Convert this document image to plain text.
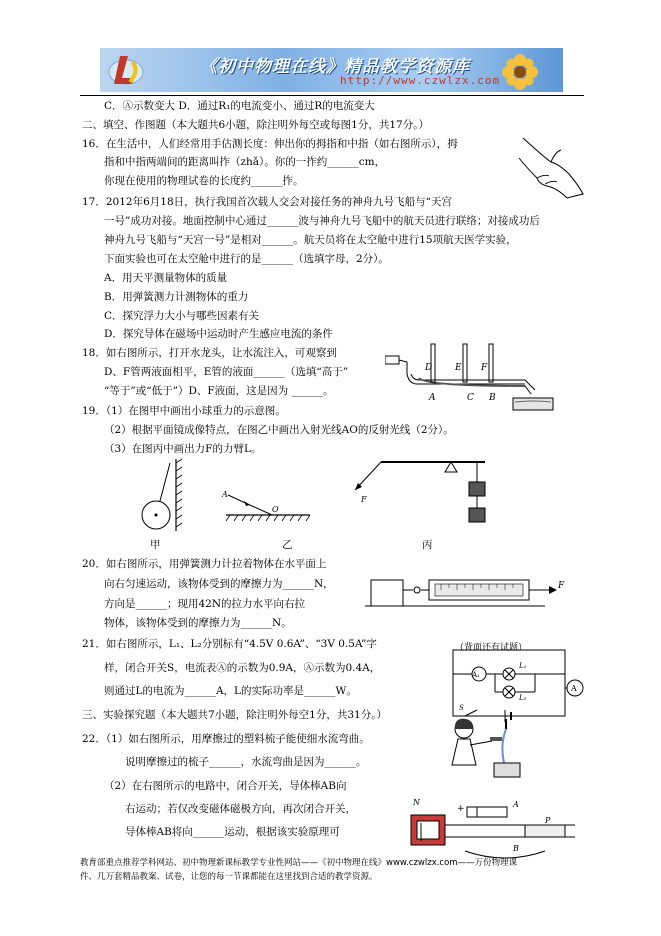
《初中物理在线》精品教学资源库
http://www.czwlzx.com
C．Ⓐ示数变大 D．通过R₁的电流变小、通过R的电流变大
二、填空、作图题（本大题共6小题，除注明外每空或每图1分，共17分。）
16．在生活中，人们经常用手估测长度：伸出你的拇指和中指（如右图所示），拇
指和中指两端间的距离叫拃（zhǎ）。你的一拃约______cm，
你现在使用的物理试卷的长度约______拃。
17．2012年6月18日，执行我国首次载人交会对接任务的神舟九号飞船与“天宫
一号”成功对接。地面控制中心通过______波与神舟九号飞船中的航天员进行联络；对接成功后
神舟九号飞船与“天宫一号”是相对______。航天员将在太空舱中进行15项航天医学实验，
下面实验也可在太空舱中进行的是______（选填字母，2分）。
A．用天平测量物体的质量
B．用弹簧测力计测物体的重力
C．探究浮力大小与哪些因素有关
D．探究导体在磁场中运动时产生感应电流的条件
18．如右图所示，打开水龙头，让水流注入，可观察到
D、F管两液面相平，E管的液面______（选填“高于”
“等于”或“低于”）D、F液面，这是因为 ______。
19．（1）在图甲中画出小球重力的示意图。
（2）根据平面镜成像特点，在图乙中画出入射光线AO的反射光线（2分）。
（3）在图丙中画出力F的力臂L。
20．如右图所示，用弹簧测力计拉着物体在水平面上
向右匀速运动，该物体受到的摩擦力为______N，
方向是______；现用42N的拉力水平向右拉
物体，该物体受到的摩擦力为______N。
21．如右图所示，L₁、L₂分别标有“4.5V 0.6A”、“3V 0.5A”字
样，闭合开关S，电流表Ⓐ的示数为0.9A，Ⓐ示数为0.4A，
则通过L的电流为______A，L的实际功率是______W。
三、实验探究题（本大题共7小题，除注明外每空1分，共31分。）
22．（1）如右图所示，用摩擦过的塑料梳子能使细水流弯曲。
说明摩擦过的梳子______，水流弯曲是因为______。
（2）在右图所示的电路中，闭合开关，导体棒AB向
右运动；若仅改变磁体磁极方向，再次闭合开关，
导体棒AB将向______运动，根据该实验原理可
D	E F
A	C B
甲
A
O
乙
F
丙
F
（背面还有试题）
A₁
L₁
L₂
A
S
N
+	A
B
P
教育部重点推荐学科网站、初中物理新课标教学专业性网站——《初中物理在线》www.czwlzx.com——万份物理课
件、几万套精品教案、试卷，让您的每一节课都能在这里找到合适的教学资源。
